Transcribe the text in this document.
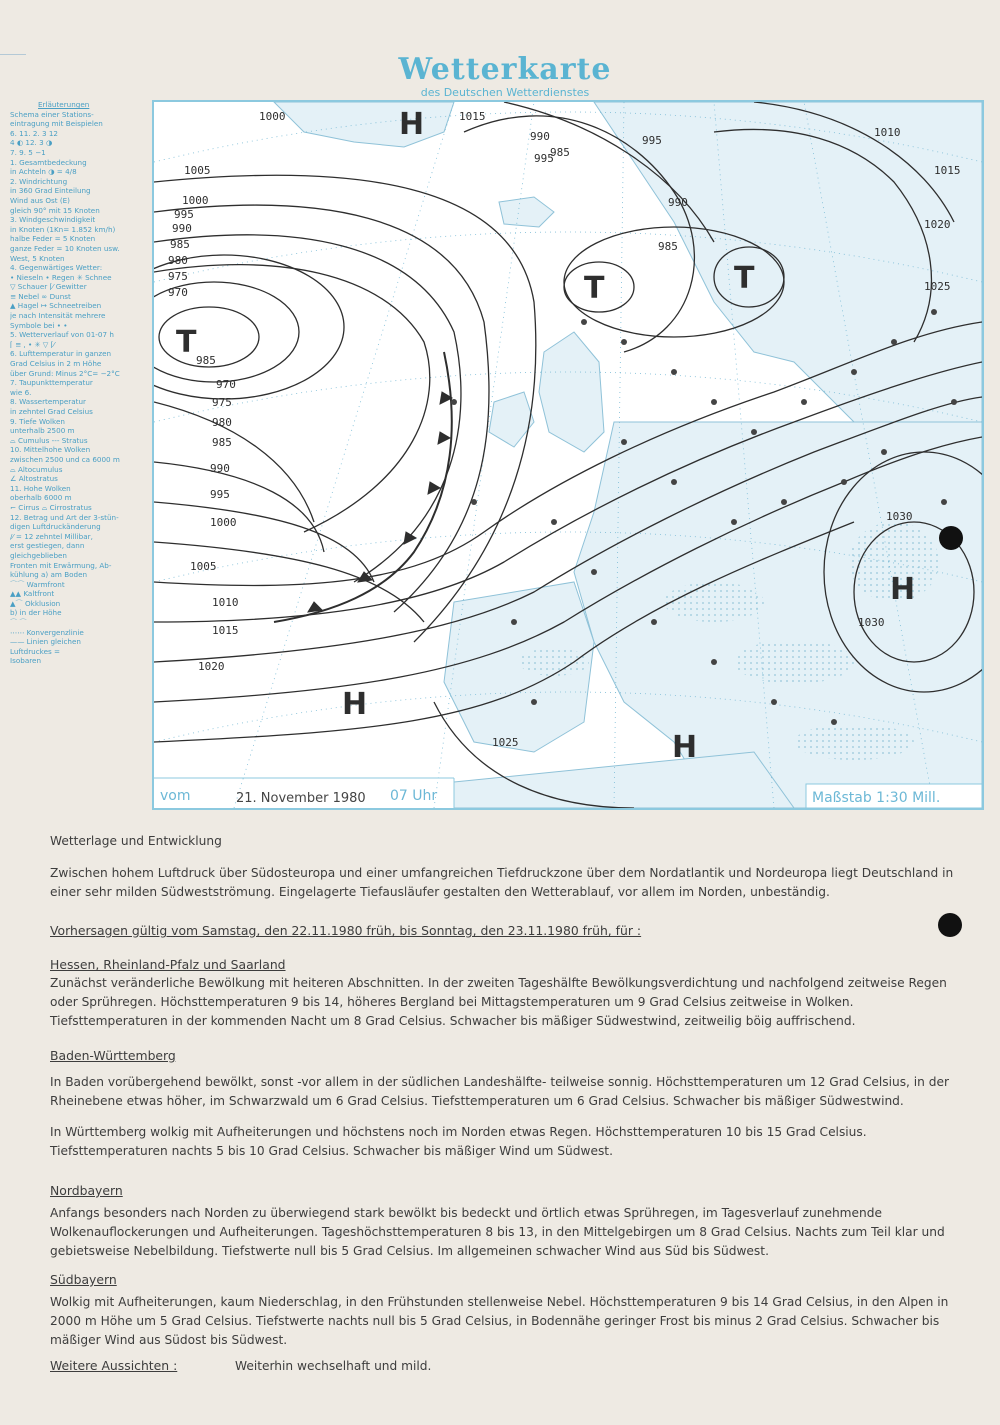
Wetterkarte
des Deutschen Wetterdienstes
Erläuterungen
Schema einer Stations-
eintragung mit Beispielen
6. 11. 2. 3 12
4 ◐ 12. 3 ◑
7. 9. 5 −1
1. Gesamtbedeckung
in Achteln ◑ = 4/8
2. Windrichtung
in 360 Grad Einteilung
Wind aus Ost (E)
gleich 90° mit 15 Knoten
3. Windgeschwindigkeit
in Knoten (1Kn= 1.852 km/h)
halbe Feder = 5 Knoten
ganze Feder = 10 Knoten usw.
West, 5 Knoten
4. Gegenwärtiges Wetter:
• Nieseln • Regen ✳ Schnee
▽ Schauer ⌈⁄ Gewitter
≡ Nebel ∞ Dunst
▲ Hagel ↦ Schneetreiben
je nach Intensität mehrere
Symbole bei • •
5. Wetterverlauf von 01-07 h
⌈ ≡ , • ✳ ▽ ⌈⁄
6. Lufttemperatur in ganzen
Grad Celsius in 2 m Höhe
über Grund: Minus 2°C= −2°C
7. Taupunkttemperatur
wie 6.
8. Wassertemperatur
in zehntel Grad Celsius
9. Tiefe Wolken
unterhalb 2500 m
⌓ Cumulus --- Stratus
10. Mittelhohe Wolken
zwischen 2500 und ca 6000 m
⌓ Altocumulus
∠ Altostratus
11. Hohe Wolken
oberhalb 6000 m
⌐ Cirrus ⌓ Cirrostratus
12. Betrag und Art der 3-stün-
digen Luftdruckänderung
/⁄ = 12 zehntel Millibar,
erst gestiegen, dann
gleichgeblieben
Fronten mit Erwärmung, Ab-
kühlung a) am Boden
⌒⌒ Warmfront
▲▲ Kaltfront
▲⌒ Okklusion
b) in der Höhe
⌒ ⌒
⋯⋯ Konvergenzlinie
—— Linien gleichen
Luftdruckes =
Isobaren
H
T
T	T
H
H
H
1000	1015
1005
1000
995
990
985
980
975
970
985
970
975
980
985
990
995
1000
1005
1010
1015
1020
1025
1030
1030
1025
1020
1015
1010
995
990
985
985
990
995
vom	21. November 1980 07 Uhr	Maßstab 1:30 Mill.

Wetterlage und Entwicklung

Zwischen hohem Luftdruck über Südosteuropa und einer umfangreichen Tiefdruckzone über dem Nordatlantik und Nordeuropa liegt Deutschland in einer sehr milden Südwestströmung. Eingelagerte Tiefausläufer gestalten den Wetterablauf, vor allem im Norden, unbeständig.

Vorhersagen gültig vom Samstag, den 22.11.1980 früh, bis Sonntag, den 23.11.1980 früh, für :

Hessen, Rheinland-Pfalz und Saarland

Zunächst veränderliche Bewölkung mit heiteren Abschnitten. In der zweiten Tageshälfte Bewölkungsverdichtung und nachfolgend zeitweise Regen oder Sprühregen. Höchsttemperaturen 9 bis 14, höheres Bergland bei Mittagstemperaturen um 9 Grad Celsius zeitweise in Wolken. Tiefsttemperaturen in der kommenden Nacht um 8 Grad Celsius. Schwacher bis mäßiger Südwestwind, zeitweilig böig auffrischend.

Baden-Württemberg

In Baden vorübergehend bewölkt, sonst -vor allem in der südlichen Landeshälfte- teilweise sonnig. Höchsttemperaturen um 12 Grad Celsius, in der Rheinebene etwas höher, im Schwarzwald um 6 Grad Celsius. Tiefsttemperaturen um 6 Grad Celsius. Schwacher bis mäßiger Südwestwind.

In Württemberg wolkig mit Aufheiterungen und höchstens noch im Norden etwas Regen. Höchsttemperaturen 10 bis 15 Grad Celsius. Tiefsttemperaturen nachts 5 bis 10 Grad Celsius. Schwacher bis mäßiger Wind um Südwest.

Nordbayern

Anfangs besonders nach Norden zu überwiegend stark bewölkt bis bedeckt und örtlich etwas Sprühregen, im Tagesverlauf zunehmende Wolkenauflockerungen und Aufheiterungen. Tageshöchsttemperaturen 8 bis 13, in den Mittelgebirgen um 8 Grad Celsius. Nachts zum Teil klar und gebietsweise Nebelbildung. Tiefstwerte null bis 5 Grad Celsius. Im allgemeinen schwacher Wind aus Süd bis Südwest.

Südbayern

Wolkig mit Aufheiterungen, kaum Niederschlag, in den Frühstunden stellenweise Nebel. Höchsttemperaturen 9 bis 14 Grad Celsius, in den Alpen in 2000 m Höhe um 5 Grad Celsius. Tiefstwerte nachts null bis 5 Grad Celsius, in Bodennähe geringer Frost bis minus 2 Grad Celsius. Schwacher bis mäßiger Wind aus Südost bis Südwest.

Weitere Aussichten :	Weiterhin wechselhaft und mild.
